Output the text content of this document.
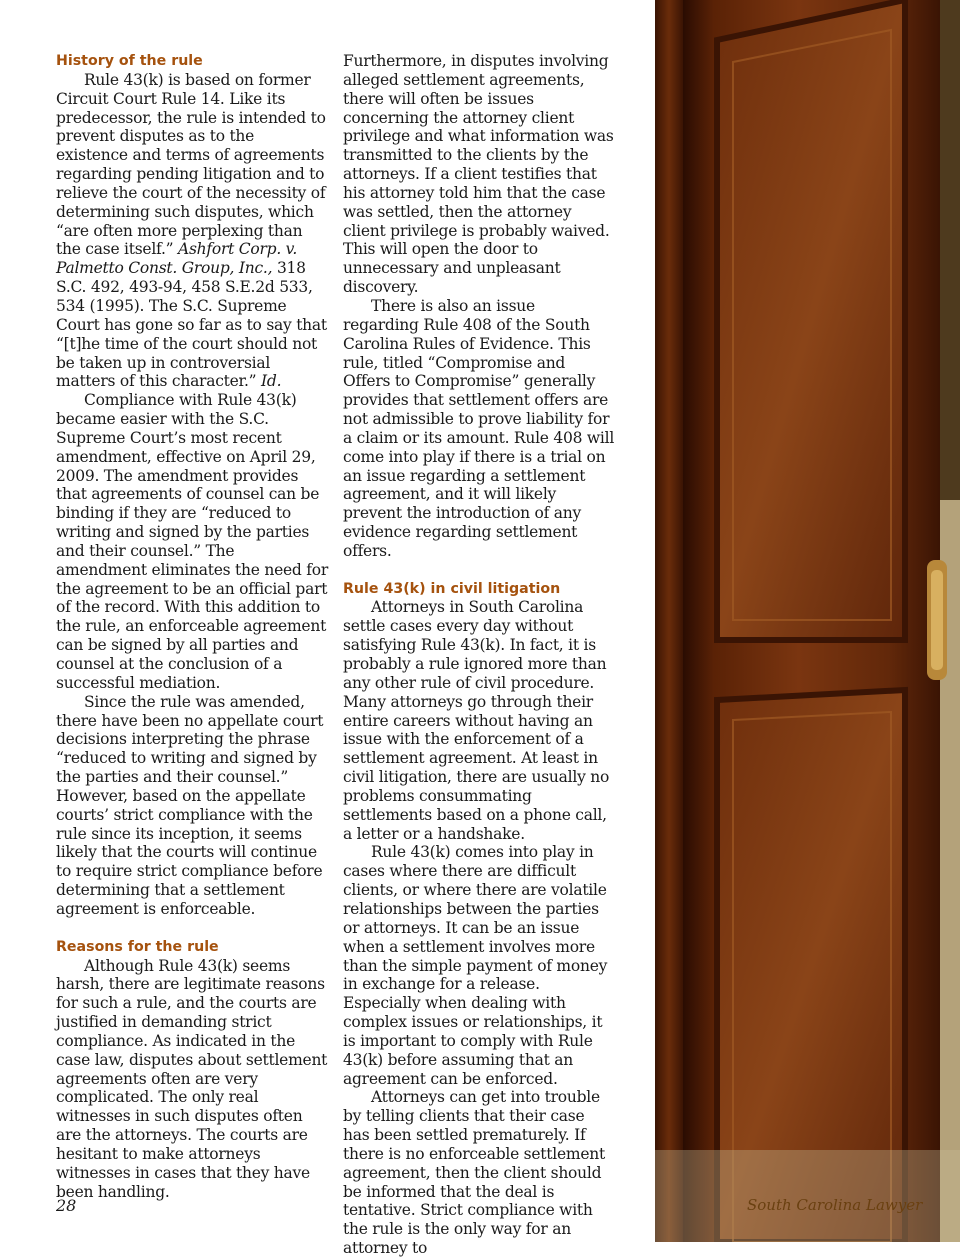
History of the rule

Rule 43(k) is based on former Circuit Court Rule 14. Like its predecessor, the rule is intended to prevent disputes as to the existence and terms of agreements regarding pending litigation and to relieve the court of the necessity of determining such disputes, which “are often more perplexing than the case itself.” Ashfort Corp. v. Palmetto Const. Group, Inc., 318 S.C. 492, 493-94, 458 S.E.2d 533, 534 (1995). The S.C. Supreme Court has gone so far as to say that “[t]he time of the court should not be taken up in controversial matters of this character.” Id.

Compliance with Rule 43(k) became easier with the S.C. Supreme Court’s most recent amendment, effective on April 29, 2009. The amendment provides that agreements of counsel can be binding if they are “reduced to writing and signed by the parties and their counsel.” The amendment eliminates the need for the agreement to be an official part of the record. With this addition to the rule, an enforceable agreement can be signed by all parties and counsel at the conclusion of a successful mediation.

Since the rule was amended, there have been no appellate court decisions interpreting the phrase “reduced to writing and signed by the parties and their counsel.” However, based on the appellate courts’ strict compliance with the rule since its inception, it seems likely that the courts will continue to require strict compliance before determining that a settlement agreement is enforceable.

Reasons for the rule

Although Rule 43(k) seems harsh, there are legitimate reasons for such a rule, and the courts are justified in demanding strict compliance. As indicated in the case law, disputes about settlement agreements often are very complicated. The only real witnesses in such disputes often are the attorneys. The courts are hesitant to make attorneys witnesses in cases that they have been handling.

Furthermore, in disputes involving alleged settlement agreements, there will often be issues concerning the attorney client privilege and what information was transmitted to the clients by the attorneys. If a client testifies that his attorney told him that the case was settled, then the attorney client privilege is probably waived. This will open the door to unnecessary and unpleasant discovery.

There is also an issue regarding Rule 408 of the South Carolina Rules of Evidence. This rule, titled “Compromise and Offers to Compromise” generally provides that settlement offers are not admissible to prove liability for a claim or its amount. Rule 408 will come into play if there is a trial on an issue regarding a settlement agreement, and it will likely prevent the introduction of any evidence regarding settlement offers.

Rule 43(k) in civil litigation

Attorneys in South Carolina settle cases every day without satisfying Rule 43(k). In fact, it is probably a rule ignored more than any other rule of civil procedure. Many attorneys go through their entire careers without having an issue with the enforcement of a settlement agreement. At least in civil litigation, there are usually no problems consummating settlements based on a phone call, a letter or a handshake.

Rule 43(k) comes into play in cases where there are difficult clients, or where there are volatile relationships between the parties or attorneys. It can be an issue when a settlement involves more than the simple payment of money in exchange for a release. Especially when dealing with complex issues or relationships, it is important to comply with Rule 43(k) before assuming that an agreement can be enforced.

Attorneys can get into trouble by telling clients that their case has been settled prematurely. If there is no enforceable settlement agreement, then the client should be informed that the deal is tentative. Strict compliance with the rule is the only way for an attorney to

28	South Carolina Lawyer
